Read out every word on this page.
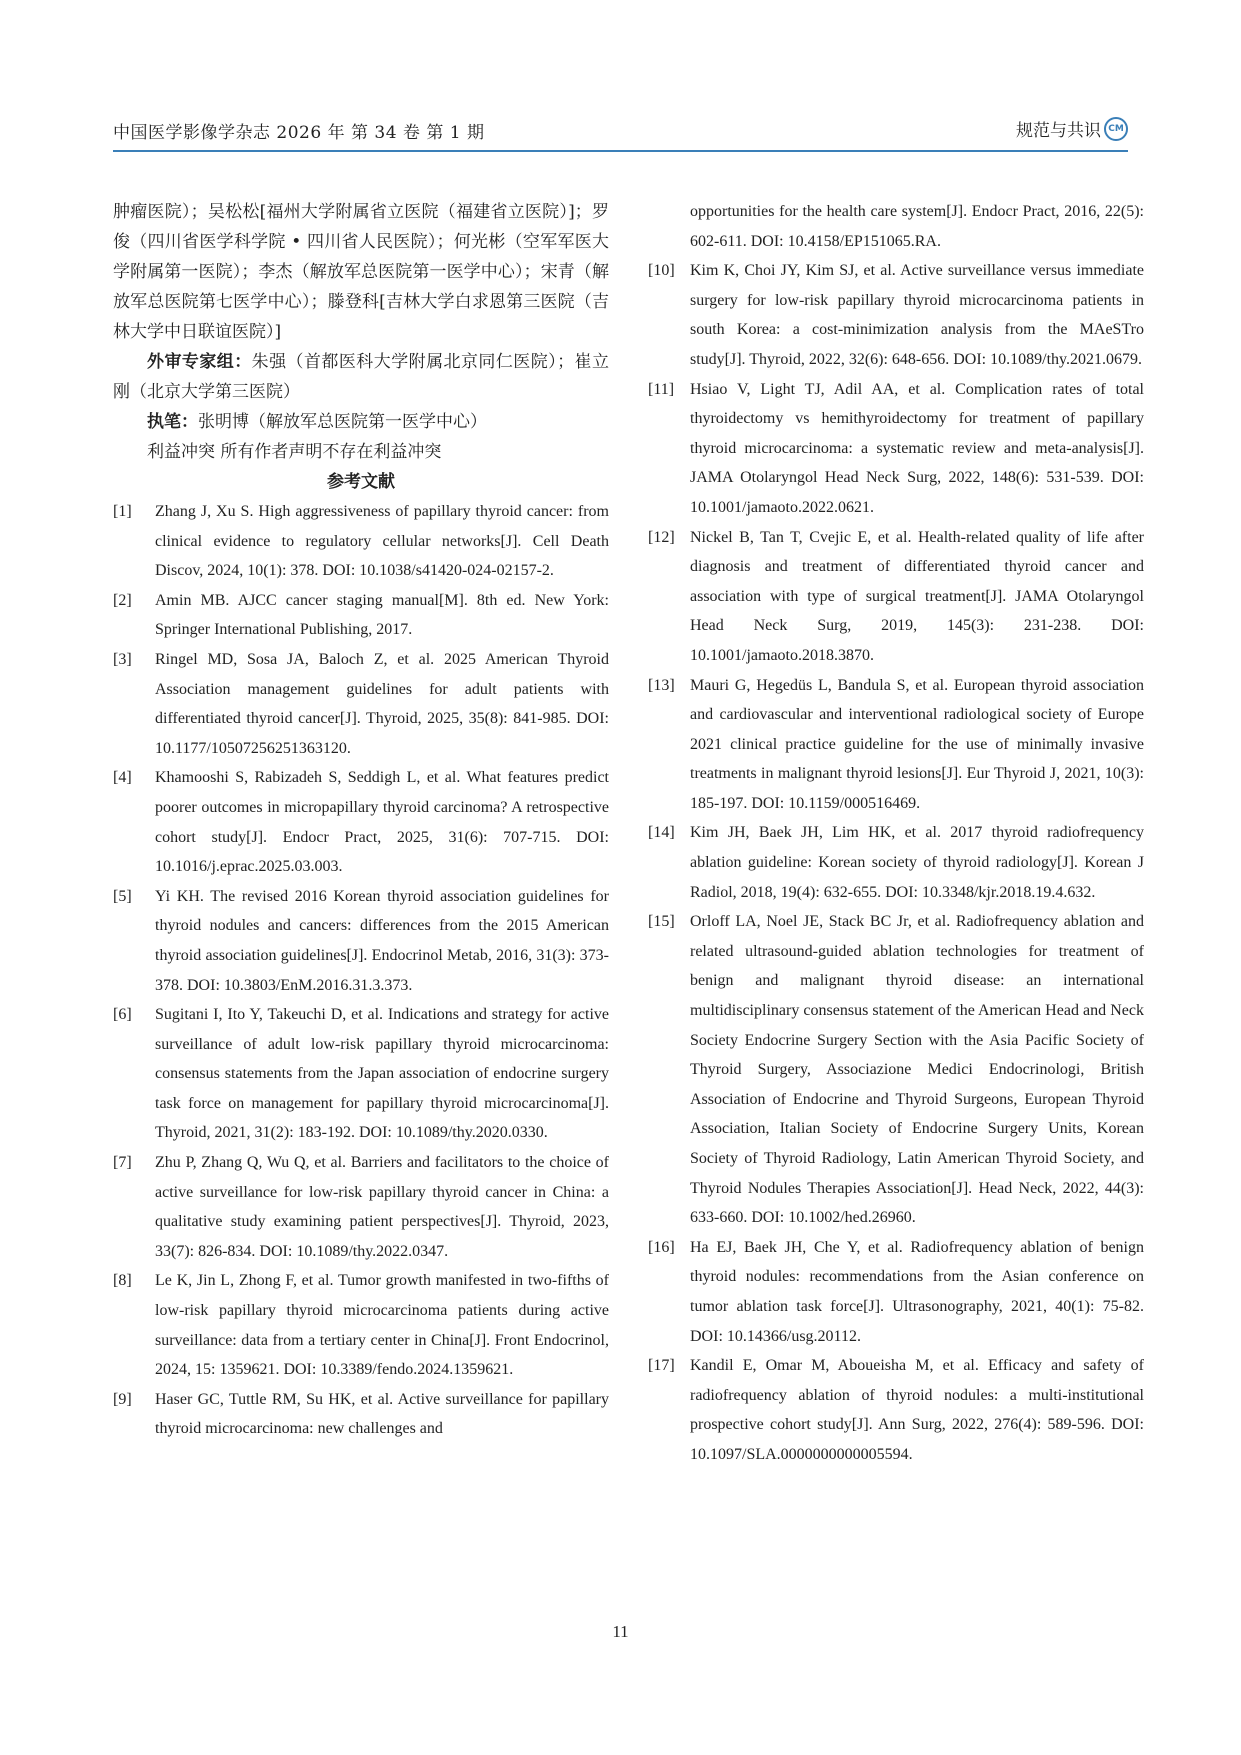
中国医学影像学杂志 2026 年 第 34 卷 第 1 期	规范与共识 CM

肿瘤医院）；吴松松[福州大学附属省立医院（福建省立医院）]；罗俊（四川省医学科学院 • 四川省人民医院）；何光彬（空军军医大学附属第一医院）；李杰（解放军总医院第一医学中心）；宋青（解放军总医院第七医学中心）；滕登科[吉林大学白求恩第三医院（吉林大学中日联谊医院）]

外审专家组：朱强（首都医科大学附属北京同仁医院）；崔立刚（北京大学第三医院）

执笔：张明博（解放军总医院第一医学中心）

利益冲突 所有作者声明不存在利益冲突

参考文献

[1]	Zhang J, Xu S. High aggressiveness of papillary thyroid cancer: from clinical evidence to regulatory cellular networks[J]. Cell Death Discov, 2024, 10(1): 378. DOI: 10.1038/s41420-024-02157-2.
[2]	Amin MB. AJCC cancer staging manual[M]. 8th ed. New York: Springer International Publishing, 2017.
[3]	Ringel MD, Sosa JA, Baloch Z, et al. 2025 American Thyroid Association management guidelines for adult patients with differentiated thyroid cancer[J]. Thyroid, 2025, 35(8): 841-985. DOI: 10.1177/10507256251363120.
[4]	Khamooshi S, Rabizadeh S, Seddigh L, et al. What features predict poorer outcomes in micropapillary thyroid carcinoma? A retrospective cohort study[J]. Endocr Pract, 2025, 31(6): 707-715. DOI: 10.1016/j.eprac.2025.03.003.
[5]	Yi KH. The revised 2016 Korean thyroid association guidelines for thyroid nodules and cancers: differences from the 2015 American thyroid association guidelines[J]. Endocrinol Metab, 2016, 31(3): 373-378. DOI: 10.3803/EnM.2016.31.3.373.
[6]	Sugitani I, Ito Y, Takeuchi D, et al. Indications and strategy for active surveillance of adult low-risk papillary thyroid microcarcinoma: consensus statements from the Japan association of endocrine surgery task force on management for papillary thyroid microcarcinoma[J]. Thyroid, 2021, 31(2): 183-192. DOI: 10.1089/thy.2020.0330.
[7]	Zhu P, Zhang Q, Wu Q, et al. Barriers and facilitators to the choice of active surveillance for low-risk papillary thyroid cancer in China: a qualitative study examining patient perspectives[J]. Thyroid, 2023, 33(7): 826-834. DOI: 10.1089/thy.2022.0347.
[8]	Le K, Jin L, Zhong F, et al. Tumor growth manifested in two-fifths of low-risk papillary thyroid microcarcinoma patients during active surveillance: data from a tertiary center in China[J]. Front Endocrinol, 2024, 15: 1359621. DOI: 10.3389/fendo.2024.1359621.
[9]	Haser GC, Tuttle RM, Su HK, et al. Active surveillance for papillary thyroid microcarcinoma: new challenges and
opportunities for the health care system[J]. Endocr Pract, 2016, 22(5): 602-611. DOI: 10.4158/EP151065.RA.
[10] Kim K, Choi JY, Kim SJ, et al. Active surveillance versus immediate surgery for low-risk papillary thyroid microcarcinoma patients in south Korea: a cost-minimization analysis from the MAeSTro study[J]. Thyroid, 2022, 32(6): 648-656. DOI: 10.1089/thy.2021.0679.
[11] Hsiao V, Light TJ, Adil AA, et al. Complication rates of total thyroidectomy vs hemithyroidectomy for treatment of papillary thyroid microcarcinoma: a systematic review and meta-analysis[J]. JAMA Otolaryngol Head Neck Surg, 2022, 148(6): 531-539. DOI: 10.1001/jamaoto.2022.0621.
[12] Nickel B, Tan T, Cvejic E, et al. Health-related quality of life after diagnosis and treatment of differentiated thyroid cancer and association with type of surgical treatment[J]. JAMA Otolaryngol Head Neck Surg, 2019, 145(3): 231-238. DOI: 10.1001/jamaoto.2018.3870.
[13] Mauri G, Hegedüs L, Bandula S, et al. European thyroid association and cardiovascular and interventional radiological society of Europe 2021 clinical practice guideline for the use of minimally invasive treatments in malignant thyroid lesions[J]. Eur Thyroid J, 2021, 10(3): 185-197. DOI: 10.1159/000516469.
[14] Kim JH, Baek JH, Lim HK, et al. 2017 thyroid radiofrequency ablation guideline: Korean society of thyroid radiology[J]. Korean J Radiol, 2018, 19(4): 632-655. DOI: 10.3348/kjr.2018.19.4.632.
[15] Orloff LA, Noel JE, Stack BC Jr, et al. Radiofrequency ablation and related ultrasound-guided ablation technologies for treatment of benign and malignant thyroid disease: an international multidisciplinary consensus statement of the American Head and Neck Society Endocrine Surgery Section with the Asia Pacific Society of Thyroid Surgery, Associazione Medici Endocrinologi, British Association of Endocrine and Thyroid Surgeons, European Thyroid Association, Italian Society of Endocrine Surgery Units, Korean Society of Thyroid Radiology, Latin American Thyroid Society, and Thyroid Nodules Therapies Association[J]. Head Neck, 2022, 44(3): 633-660. DOI: 10.1002/hed.26960.
[16] Ha EJ, Baek JH, Che Y, et al. Radiofrequency ablation of benign thyroid nodules: recommendations from the Asian conference on tumor ablation task force[J]. Ultrasonography, 2021, 40(1): 75-82. DOI: 10.14366/usg.20112.
[17] Kandil E, Omar M, Aboueisha M, et al. Efficacy and safety of radiofrequency ablation of thyroid nodules: a multi-institutional prospective cohort study[J]. Ann Surg, 2022, 276(4): 589-596. DOI: 10.1097/SLA.0000000000005594.
11
